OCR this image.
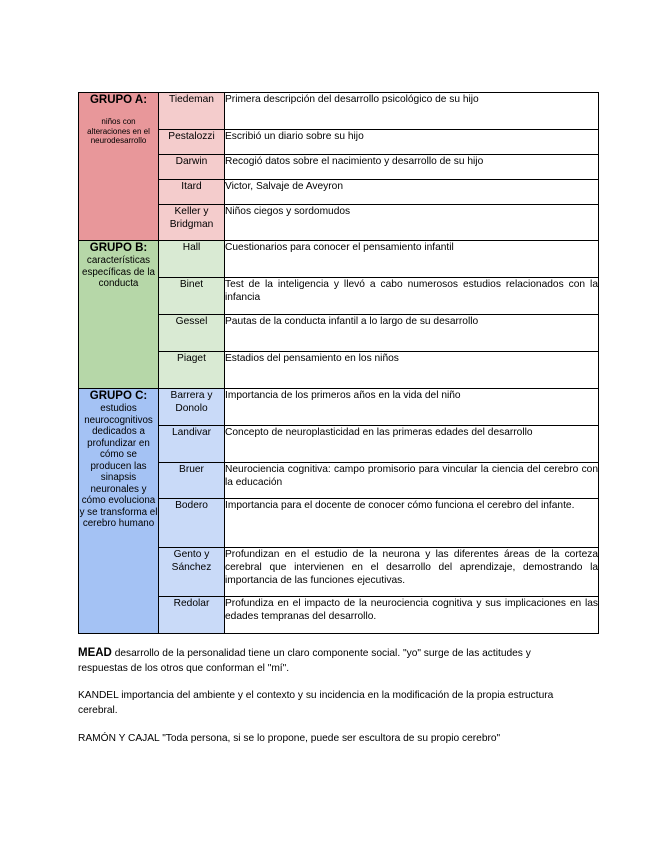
GRUPO A:
niños con alteraciones en el neurodesarrollo	Tiedeman	Primera descripción del desarrollo psicológico de su hijo
	Pestalozzi	Escribió un diario sobre su hijo
	Darwin	Recogió datos sobre el nacimiento y desarrollo de su hijo
	Itard	Victor, Salvaje de Aveyron
	Keller y Bridgman	Niños ciegos y sordomudos

GRUPO B:
características específicas de la conducta	Hall	Cuestionarios para conocer el pensamiento infantil
	Binet	Test de la inteligencia y llevó a cabo numerosos estudios relacionados con la infancia
	Gessel	Pautas de la conducta infantil a lo largo de su desarrollo
	Piaget	Estadios del pensamiento en los niños

GRUPO C:
estudios neurocognitivos dedicados a profundizar en cómo se producen las sinapsis neuronales y cómo evoluciona y se transforma el cerebro humano	Barrera y Donolo	Importancia de los primeros años en la vida del niño
	Landivar	Concepto de neuroplasticidad en las primeras edades del desarrollo
	Bruer	Neurociencia cognitiva: campo promisorio para vincular la ciencia del cerebro con la educación
	Bodero	Importancia para el docente de conocer cómo funciona el cerebro del infante.
	Gento y Sánchez	Profundizan en el estudio de la neurona y las diferentes áreas de la corteza cerebral que intervienen en el desarrollo del aprendizaje, demostrando la importancia de las funciones ejecutivas.
	Redolar	Profundiza en el impacto de la neurociencia cognitiva y sus implicaciones en las edades tempranas del desarrollo.
MEAD desarrollo de la personalidad tiene un claro componente social. "yo" surge de las actitudes y respuestas de los otros que conforman el "mí".
KANDEL importancia del ambiente y el contexto y su incidencia en la modificación de la propia estructura cerebral.
RAMÓN Y CAJAL "Toda persona, si se lo propone, puede ser escultora de su propio cerebro"
